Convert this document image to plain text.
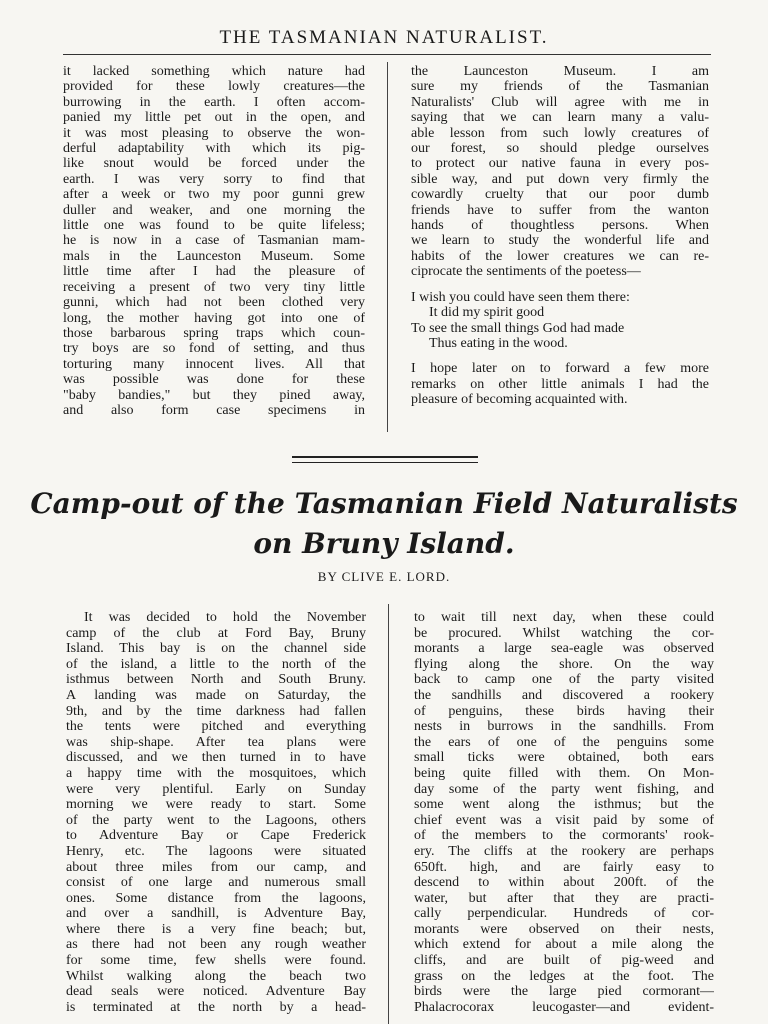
THE TASMANIAN NATURALIST.
it lacked something which nature had
provided for these lowly creatures—the
burrowing in the earth. I often accom-
panied my little pet out in the open, and
it was most pleasing to observe the won-
derful adaptability with which its pig-
like snout would be forced under the
earth. I was very sorry to find that
after a week or two my poor gunni grew
duller and weaker, and one morning the
little one was found to be quite lifeless;
he is now in a case of Tasmanian mam-
mals in the Launceston Museum. Some
little time after I had the pleasure of
receiving a present of two very tiny little
gunni, which had not been clothed very
long, the mother having got into one of
those barbarous spring traps which coun-
try boys are so fond of setting, and thus
torturing many innocent lives. All that
was possible was done for these
"baby bandies," but they pined away,
and also form case specimens in
the Launceston Museum. I am
sure my friends of the Tasmanian
Naturalists' Club will agree with me in
saying that we can learn many a valu-
able lesson from such lowly creatures of
our forest, so should pledge ourselves
to protect our native fauna in every pos-
sible way, and put down very firmly the
cowardly cruelty that our poor dumb
friends have to suffer from the wanton
hands of thoughtless persons. When
we learn to study the wonderful life and
habits of the lower creatures we can re-
ciprocate the sentiments of the poetess—
I wish you could have seen them there:
It did my spirit good
To see the small things God had made
Thus eating in the wood.
I hope later on to forward a few more
remarks on other little animals I had the
pleasure of becoming acquainted with.
Camp-out of the Tasmanian Field Naturalists
on Bruny Island.
BY CLIVE E. LORD.
It was decided to hold the November
camp of the club at Ford Bay, Bruny
Island. This bay is on the channel side
of the island, a little to the north of the
isthmus between North and South Bruny.
A landing was made on Saturday, the
9th, and by the time darkness had fallen
the tents were pitched and everything
was ship-shape. After tea plans were
discussed, and we then turned in to have
a happy time with the mosquitoes, which
were very plentiful. Early on Sunday
morning we were ready to start. Some
of the party went to the Lagoons, others
to Adventure Bay or Cape Frederick
Henry, etc. The lagoons were situated
about three miles from our camp, and
consist of one large and numerous small
ones. Some distance from the lagoons,
and over a sandhill, is Adventure Bay,
where there is a very fine beach; but,
as there had not been any rough weather
for some time, few shells were found.
Whilst walking along the beach two
dead seals were noticed. Adventure Bay
is terminated at the north by a head-
to wait till next day, when these could
be procured. Whilst watching the cor-
morants a large sea-eagle was observed
flying along the shore. On the way
back to camp one of the party visited
the sandhills and discovered a rookery
of penguins, these birds having their
nests in burrows in the sandhills. From
the ears of one of the penguins some
small ticks were obtained, both ears
being quite filled with them. On Mon-
day some of the party went fishing, and
some went along the isthmus; but the
chief event was a visit paid by some of
of the members to the cormorants' rook-
ery. The cliffs at the rookery are perhaps
650ft. high, and are fairly easy to
descend to within about 200ft. of the
water, but after that they are practi-
cally perpendicular. Hundreds of cor-
morants were observed on their nests,
which extend for about a mile along the
cliffs, and are built of pig-weed and
grass on the ledges at the foot. The
birds were the large pied cormorant—
Phalacrocorax leucogaster—and evident-
